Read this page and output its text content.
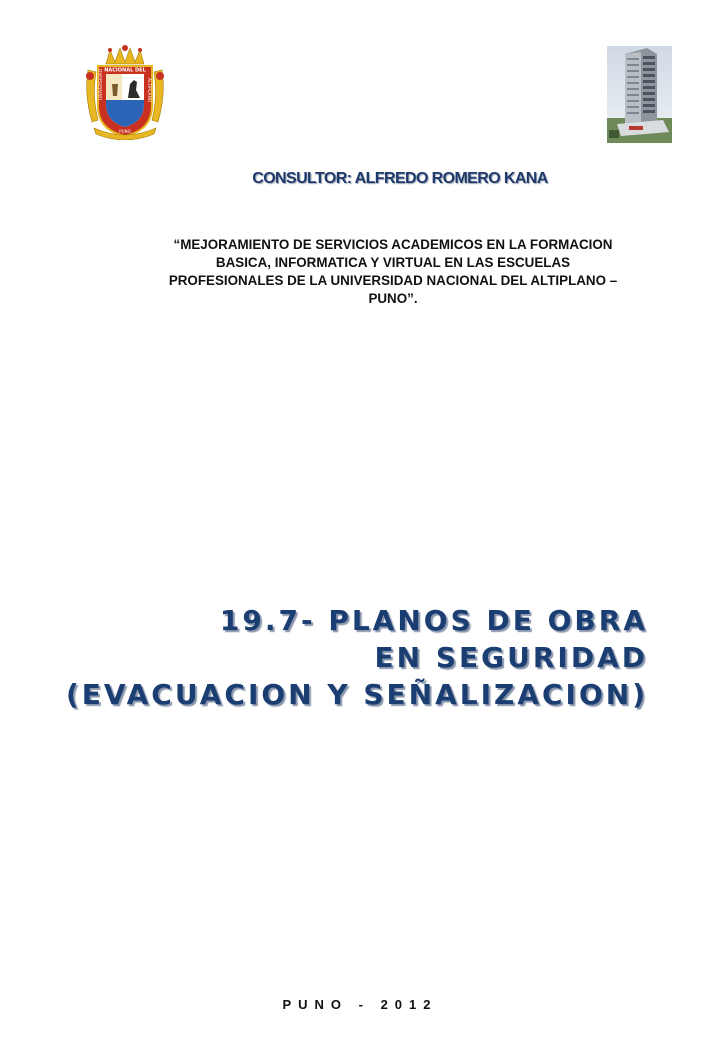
NACIONAL DEL
UNIVERSIDAD	ALTIPLANO
PUNO
CONSULTOR: ALFREDO ROMERO KANA
“MEJORAMIENTO DE SERVICIOS ACADEMICOS EN LA FORMACION
BASICA, INFORMATICA Y VIRTUAL EN LAS ESCUELAS
PROFESIONALES DE LA UNIVERSIDAD NACIONAL DEL ALTIPLANO –
PUNO”.
19.7- PLANOS DE OBRA
EN SEGURIDAD
(EVACUACION Y SEÑALIZACION)
PUNO - 2012
